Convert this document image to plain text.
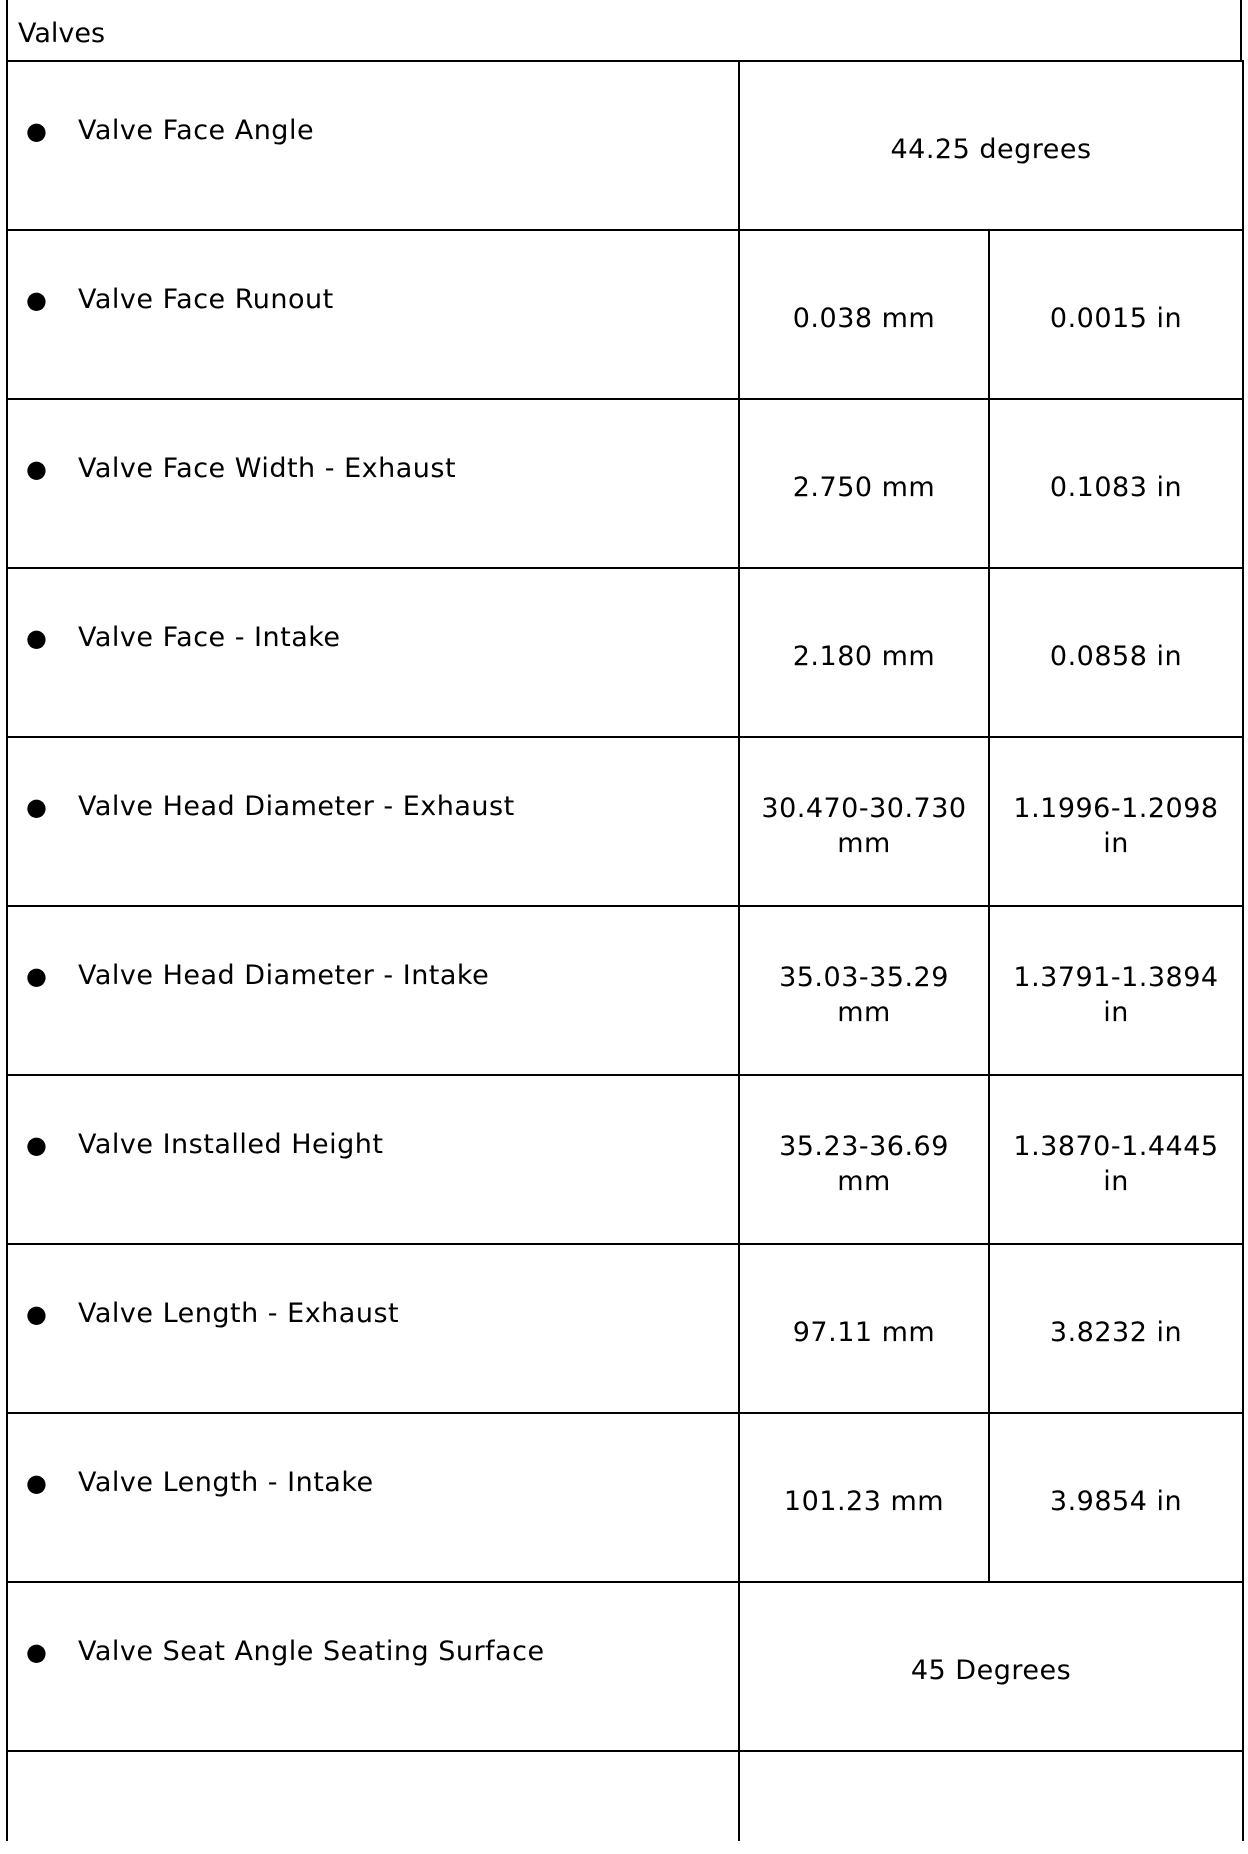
Valves
● Valve Face Angle	44.25 degrees	

● Valve Face Runout	0.038 mm	0.0015 in

● Valve Face Width - Exhaust	2.750 mm	0.1083 in

● Valve Face - Intake	2.180 mm	0.0858 in

● Valve Head Diameter - Exhaust	30.470-30.730 mm	1.1996-1.2098 in

● Valve Head Diameter - Intake	35.03-35.29 mm	1.3791-1.3894 in

● Valve Installed Height	35.23-36.69 mm	1.3870-1.4445 in

● Valve Length - Exhaust	97.11 mm	3.8232 in

● Valve Length - Intake	101.23 mm	3.9854 in

● Valve Seat Angle Seating Surface	45 Degrees	
